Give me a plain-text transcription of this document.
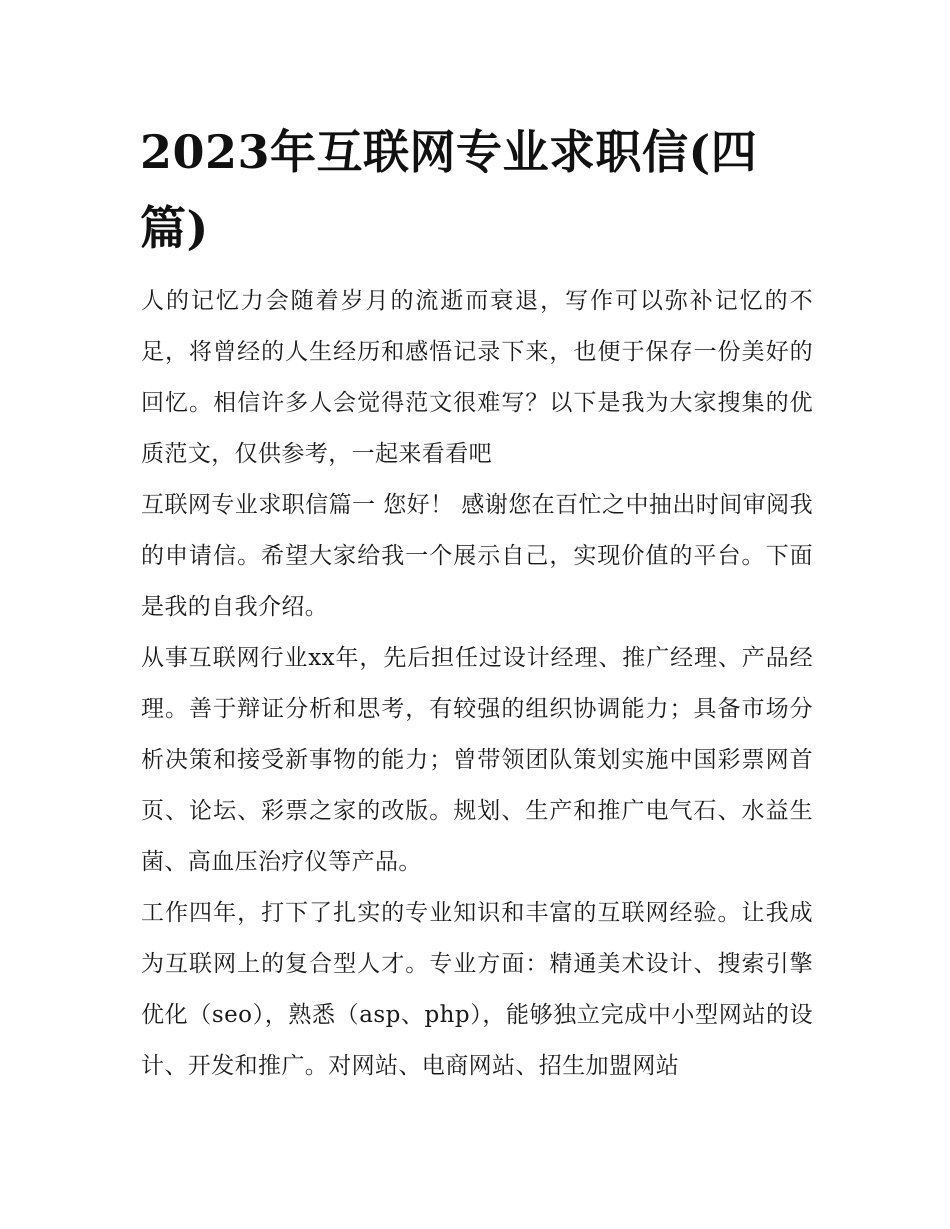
2023年互联网专业求职信(四篇)

人的记忆力会随着岁月的流逝而衰退，写作可以弥补记忆的不足，将曾经的人生经历和感悟记录下来，也便于保存一份美好的回忆。相信许多人会觉得范文很难写？以下是我为大家搜集的优质范文，仅供参考，一起来看看吧

互联网专业求职信篇一 您好！ 感谢您在百忙之中抽出时间审阅我的申请信。希望大家给我一个展示自己，实现价值的平台。下面是我的自我介绍。

从事互联网行业xx年，先后担任过设计经理、推广经理、产品经理。善于辩证分析和思考，有较强的组织协调能力；具备市场分析决策和接受新事物的能力；曾带领团队策划实施中国彩票网首页、论坛、彩票之家的改版。规划、生产和推广电气石、水益生菌、高血压治疗仪等产品。

工作四年，打下了扎实的专业知识和丰富的互联网经验。让我成为互联网上的复合型人才。专业方面：精通美术设计、搜索引擎优化（seo），熟悉（asp、php），能够独立完成中小型网站的设计、开发和推广。对网站、电商网站、招生加盟网站
